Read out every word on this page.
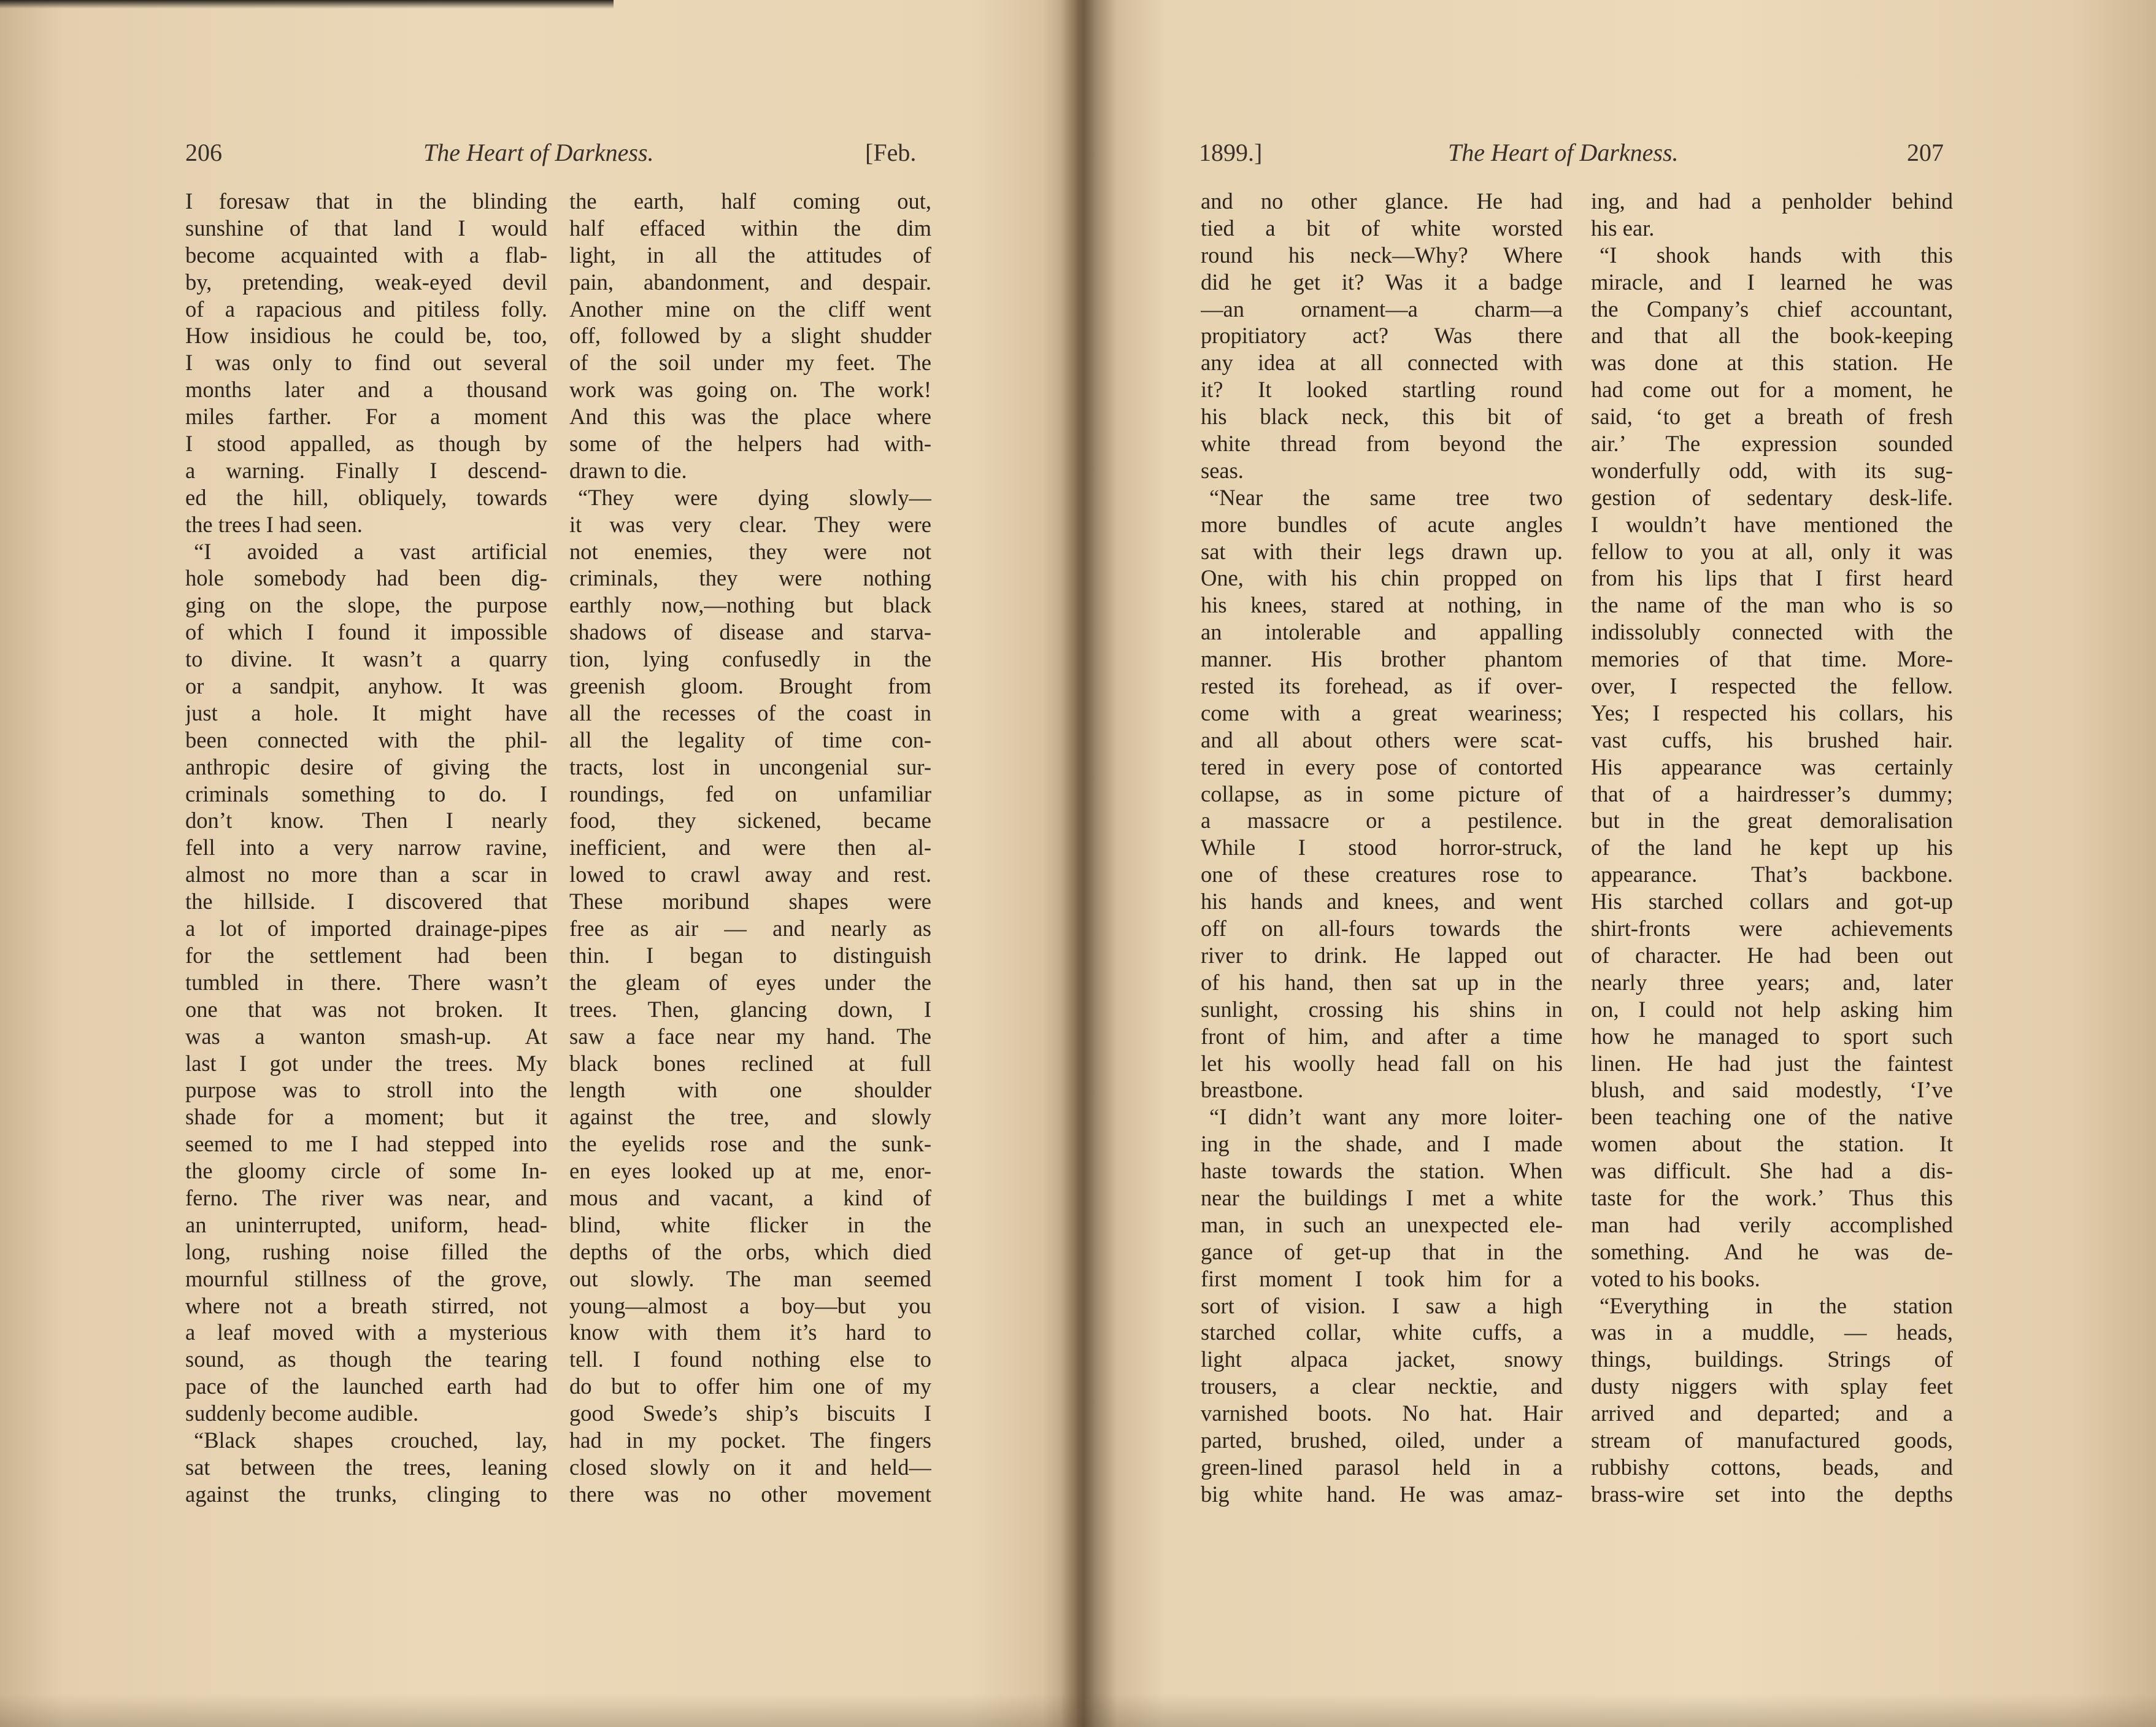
206	The Heart of Darkness.	[Feb.
I foresaw that in the blinding
sunshine of that land I would
become acquainted with a flab-
by, pretending, weak-eyed devil
of a rapacious and pitiless folly.
How insidious he could be, too,
I was only to find out several
months later and a thousand
miles farther. For a moment
I stood appalled, as though by
a warning. Finally I descend-
ed the hill, obliquely, towards
the trees I had seen.
“I avoided a vast artificial
hole somebody had been dig-
ging on the slope, the purpose
of which I found it impossible
to divine. It wasn’t a quarry
or a sandpit, anyhow. It was
just a hole. It might have
been connected with the phil-
anthropic desire of giving the
criminals something to do. I
don’t know. Then I nearly
fell into a very narrow ravine,
almost no more than a scar in
the hillside. I discovered that
a lot of imported drainage-pipes
for the settlement had been
tumbled in there. There wasn’t
one that was not broken. It
was a wanton smash-up. At
last I got under the trees. My
purpose was to stroll into the
shade for a moment; but it
seemed to me I had stepped into
the gloomy circle of some In-
ferno. The river was near, and
an uninterrupted, uniform, head-
long, rushing noise filled the
mournful stillness of the grove,
where not a breath stirred, not
a leaf moved with a mysterious
sound, as though the tearing
pace of the launched earth had
suddenly become audible.
“Black shapes crouched, lay,
sat between the trees, leaning
against the trunks, clinging to
the earth, half coming out,
half effaced within the dim
light, in all the attitudes of
pain, abandonment, and despair.
Another mine on the cliff went
off, followed by a slight shudder
of the soil under my feet. The
work was going on. The work!
And this was the place where
some of the helpers had with-
drawn to die.
“They were dying slowly—
it was very clear. They were
not enemies, they were not
criminals, they were nothing
earthly now,—nothing but black
shadows of disease and starva-
tion, lying confusedly in the
greenish gloom. Brought from
all the recesses of the coast in
all the legality of time con-
tracts, lost in uncongenial sur-
roundings, fed on unfamiliar
food, they sickened, became
inefficient, and were then al-
lowed to crawl away and rest.
These moribund shapes were
free as air — and nearly as
thin. I began to distinguish
the gleam of eyes under the
trees. Then, glancing down, I
saw a face near my hand. The
black bones reclined at full
length with one shoulder
against the tree, and slowly
the eyelids rose and the sunk-
en eyes looked up at me, enor-
mous and vacant, a kind of
blind, white flicker in the
depths of the orbs, which died
out slowly. The man seemed
young—almost a boy—but you
know with them it’s hard to
tell. I found nothing else to
do but to offer him one of my
good Swede’s ship’s biscuits I
had in my pocket. The fingers
closed slowly on it and held—
there was no other movement
1899.]	The Heart of Darkness.	207
and no other glance. He had
tied a bit of white worsted
round his neck—Why? Where
did he get it? Was it a badge
—an ornament—a charm—a
propitiatory act? Was there
any idea at all connected with
it? It looked startling round
his black neck, this bit of
white thread from beyond the
seas.
“Near the same tree two
more bundles of acute angles
sat with their legs drawn up.
One, with his chin propped on
his knees, stared at nothing, in
an intolerable and appalling
manner. His brother phantom
rested its forehead, as if over-
come with a great weariness;
and all about others were scat-
tered in every pose of contorted
collapse, as in some picture of
a massacre or a pestilence.
While I stood horror-struck,
one of these creatures rose to
his hands and knees, and went
off on all-fours towards the
river to drink. He lapped out
of his hand, then sat up in the
sunlight, crossing his shins in
front of him, and after a time
let his woolly head fall on his
breastbone.
“I didn’t want any more loiter-
ing in the shade, and I made
haste towards the station. When
near the buildings I met a white
man, in such an unexpected ele-
gance of get-up that in the
first moment I took him for a
sort of vision. I saw a high
starched collar, white cuffs, a
light alpaca jacket, snowy
trousers, a clear necktie, and
varnished boots. No hat. Hair
parted, brushed, oiled, under a
green-lined parasol held in a
big white hand. He was amaz-
ing, and had a penholder behind
his ear.
“I shook hands with this
miracle, and I learned he was
the Company’s chief accountant,
and that all the book-keeping
was done at this station. He
had come out for a moment, he
said, ‘to get a breath of fresh
air.’ The expression sounded
wonderfully odd, with its sug-
gestion of sedentary desk-life.
I wouldn’t have mentioned the
fellow to you at all, only it was
from his lips that I first heard
the name of the man who is so
indissolubly connected with the
memories of that time. More-
over, I respected the fellow.
Yes; I respected his collars, his
vast cuffs, his brushed hair.
His appearance was certainly
that of a hairdresser’s dummy;
but in the great demoralisation
of the land he kept up his
appearance. That’s backbone.
His starched collars and got-up
shirt-fronts were achievements
of character. He had been out
nearly three years; and, later
on, I could not help asking him
how he managed to sport such
linen. He had just the faintest
blush, and said modestly, ‘I’ve
been teaching one of the native
women about the station. It
was difficult. She had a dis-
taste for the work.’ Thus this
man had verily accomplished
something. And he was de-
voted to his books.
“Everything in the station
was in a muddle, — heads,
things, buildings. Strings of
dusty niggers with splay feet
arrived and departed; and a
stream of manufactured goods,
rubbishy cottons, beads, and
brass-wire set into the depths
